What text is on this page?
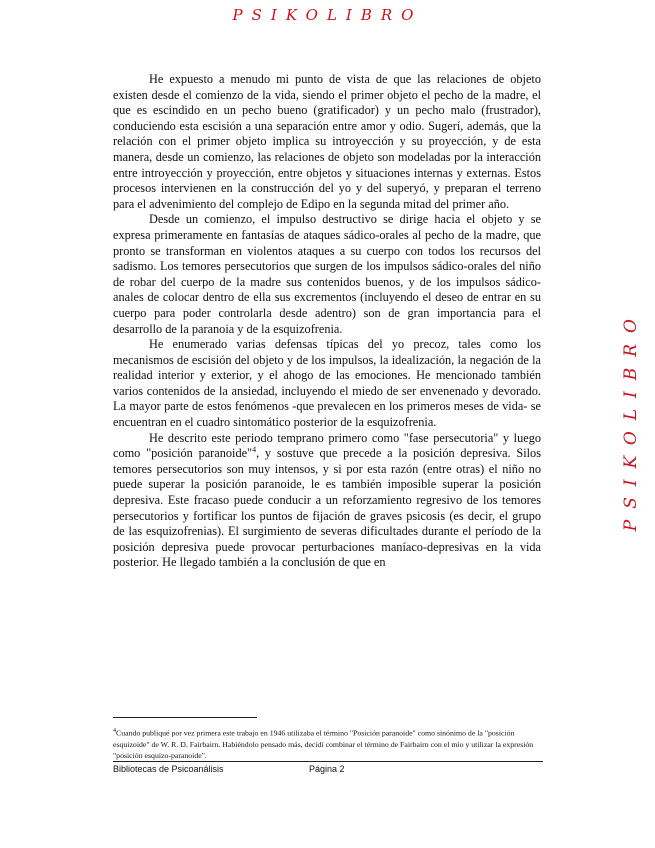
PSIKOLIBRO
PSIKOLIBRO

He expuesto a menudo mi punto de vista de que las relaciones de objeto existen desde el comienzo de la vida, siendo el primer objeto el pecho de la madre, el que es escindido en un pecho bueno (gratificador) y un pecho malo (frustrador), conduciendo esta escisión a una separación entre amor y odio. Sugerí, además, que la relación con el primer objeto implica su introyección y su proyección, y de esta manera, desde un comienzo, las relaciones de objeto son modeladas por la interacción entre introyección y proyección, entre objetos y situaciones internas y externas. Estos procesos intervienen en la construcción del yo y del superyó, y preparan el terreno para el advenimiento del complejo de Edipo en la segunda mitad del primer año.

Desde un comienzo, el impulso destructivo se dirige hacia el objeto y se expresa primeramente en fantasías de ataques sádico-orales al pecho de la madre, que pronto se transforman en violentos ataques a su cuerpo con todos los recursos del sadismo. Los temores persecutorios que surgen de los impulsos sádico-orales del niño de robar del cuerpo de la madre sus contenidos buenos, y de los impulsos sádico-anales de colocar dentro de ella sus excrementos (incluyendo el deseo de entrar en su cuerpo para poder controlarla desde adentro) son de gran importancia para el desarrollo de la paranoia y de la esquizofrenia.

He enumerado varias defensas típicas del yo precoz, tales como los mecanismos de escisión del objeto y de los impulsos, la idealización, la negación de la realidad interior y exterior, y el ahogo de las emociones. He mencionado también varios contenidos de la ansiedad, incluyendo el miedo de ser envenenado y devorado. La mayor parte de estos fenómenos -que prevalecen en los primeros meses de vida- se encuentran en el cuadro sintomático posterior de la esquizofrenia.

He descrito este periodo temprano primero como "fase persecutoria" y luego como "posición paranoide"$^4$, y sostuve que precede a la posición depresiva. Silos temores persecutorios son muy intensos, y si por esta razón (entre otras) el niño no puede superar la posición paranoide, le es también imposible superar la posición depresiva. Este fracaso puede conducir a un reforzamiento regresivo de los temores persecutorios y fortificar los puntos de fijación de graves psicosis (es decir, el grupo de las esquizofrenias). El surgimiento de severas dificultades durante el período de la posición depresiva puede provocar perturbaciones maníaco-depresivas en la vida posterior. He llegado también a la conclusión de que en

$^4$Cuando publiqué por vez primera este trabajo en 1946 utilizaba el término "Posición paranoide" como sinónimo de la "posición esquizoide" de W. R. D. Fairbairn. Habiéndolo pensado más, decidí combinar el término de Fairbairn con el mío y utilizar la expresión "posición esquizo-paranoide".
Bibliotecas de Psicoanálisis	Página 2
